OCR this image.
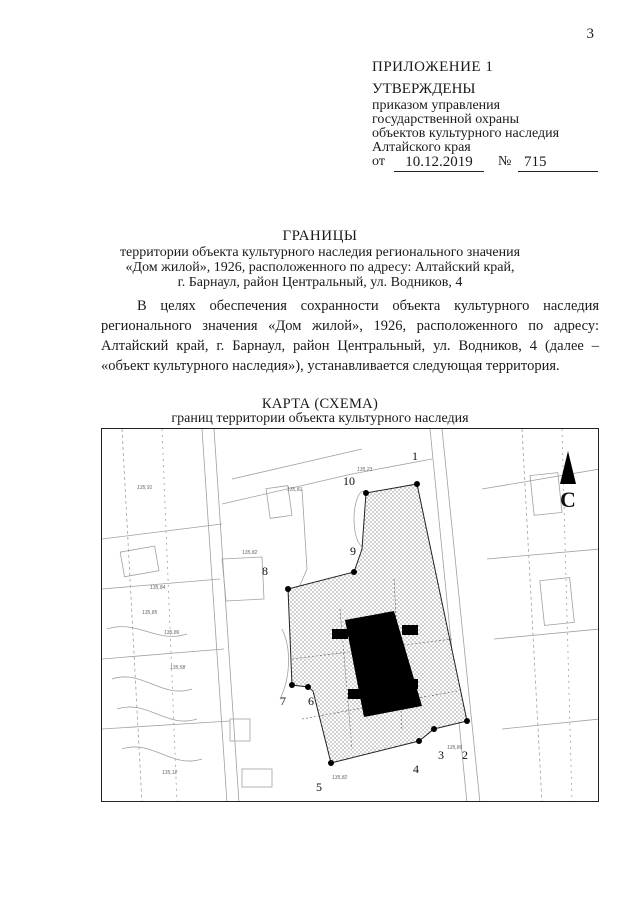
3
ПРИЛОЖЕНИЕ 1
УТВЕРЖДЕНЫ
приказом управления
государственной охраны
объектов культурного наследия
Алтайского края
от	10.12.2019	№ 715
ГРАНИЦЫ
территории объекта культурного наследия регионального значения
«Дом жилой», 1926, расположенного по адресу: Алтайский край,
г. Барнаул, район Центральный, ул. Водников, 4

В целях обеспечения сохранности объекта культурного наследия регионального значения «Дом жилой», 1926, расположенного по адресу: Алтайский край, г. Барнаул, район Центральный, ул. Водников, 4 (далее – «объект культурного наследия»), устанавливается следующая территория.

КАРТА (СХЕМА)
границ территории объекта культурного наследия
135,23
135,81
135,82
135,84
135,85
135,86
135,91
135,58
135,82
135,86
135,12
1
2
3
4
5
6
7
8
9
10
С
